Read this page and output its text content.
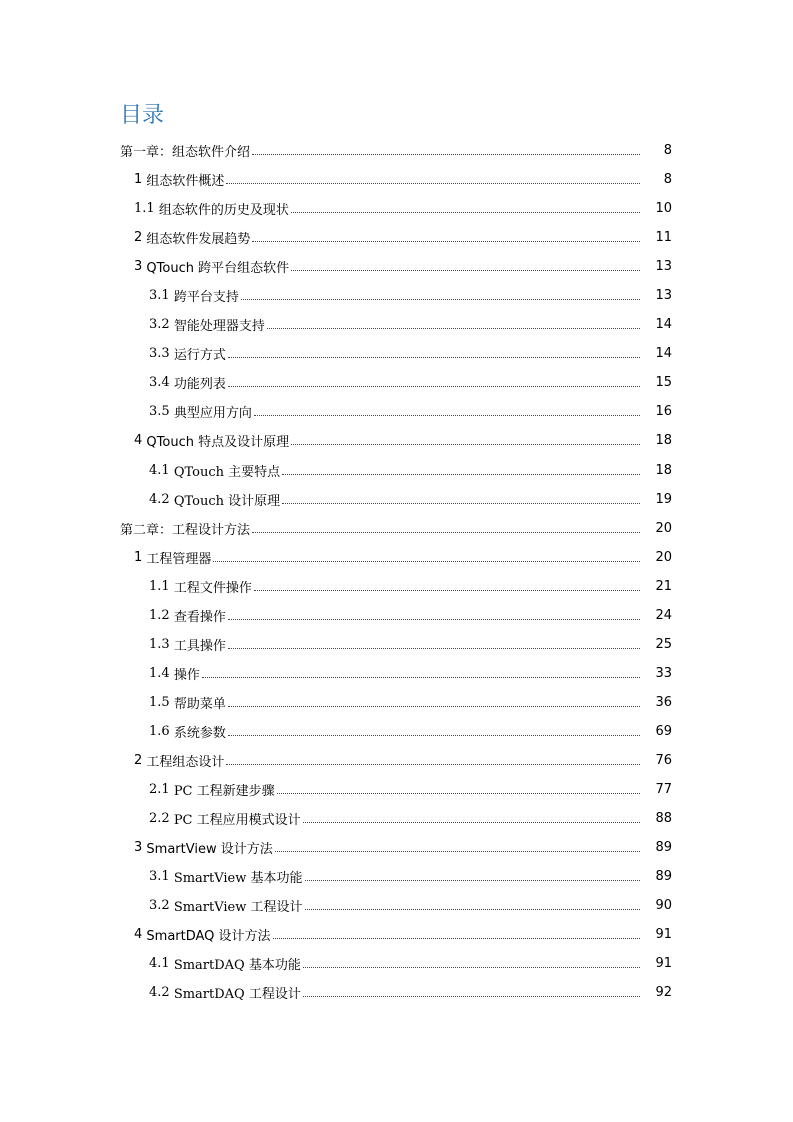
目录
第一章：组态软件介绍	8
1 组态软件概述	8
1.1 组态软件的历史及现状	10
2 组态软件发展趋势	11
3 QTouch 跨平台组态软件	13
3.1 跨平台支持	13
3.2 智能处理器支持	14
3.3 运行方式	14
3.4 功能列表	15
3.5 典型应用方向	16
4 QTouch 特点及设计原理	18
4.1 QTouch 主要特点	18
4.2 QTouch 设计原理	19
第二章：工程设计方法	20
1 工程管理器	20
1.1 工程文件操作	21
1.2 查看操作	24
1.3 工具操作	25
1.4 操作	33
1.5 帮助菜单	36
1.6 系统参数	69
2 工程组态设计	76
2.1 PC 工程新建步骤	77
2.2 PC 工程应用模式设计	88
3 SmartView 设计方法	89
3.1 SmartView 基本功能	89
3.2 SmartView 工程设计	90
4 SmartDAQ 设计方法	91
4.1 SmartDAQ 基本功能	91
4.2 SmartDAQ 工程设计	92
